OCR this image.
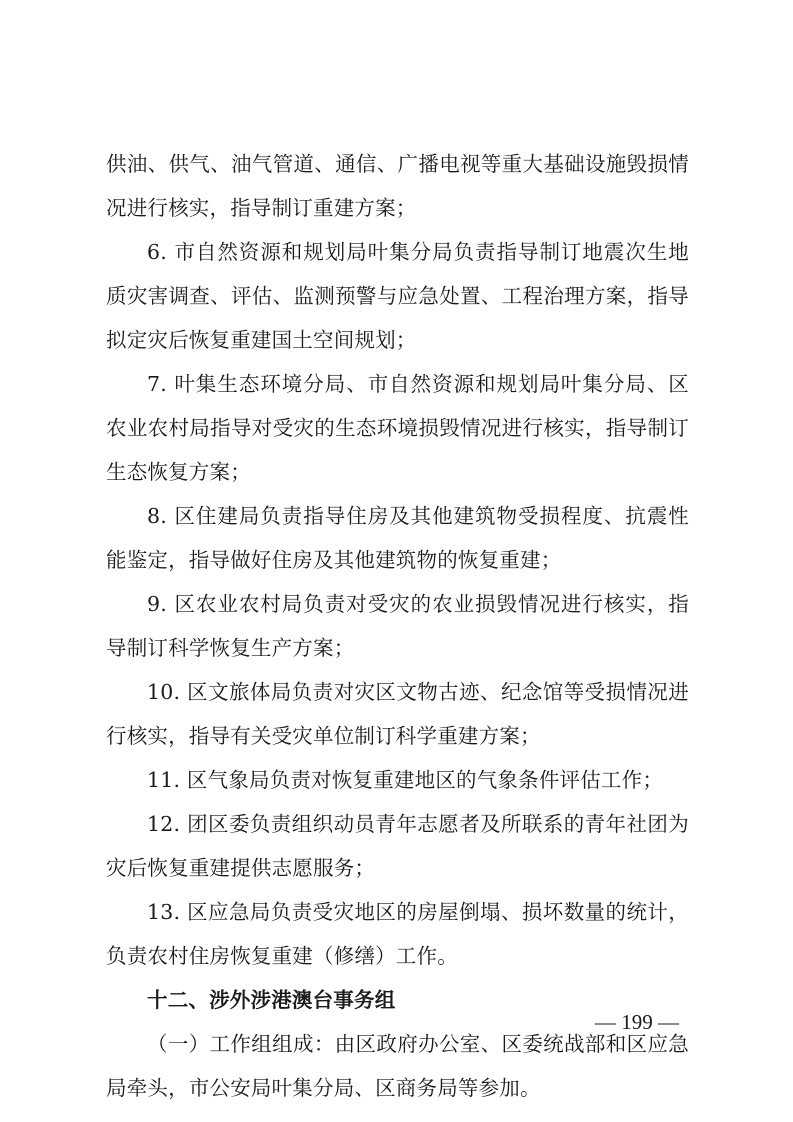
供油、供气、油气管道、通信、广播电视等重大基础设施毁损情况进行核实，指导制订重建方案；

6. 市自然资源和规划局叶集分局负责指导制订地震次生地质灾害调查、评估、监测预警与应急处置、工程治理方案，指导拟定灾后恢复重建国土空间规划；

7. 叶集生态环境分局、市自然资源和规划局叶集分局、区农业农村局指导对受灾的生态环境损毁情况进行核实，指导制订生态恢复方案；

8. 区住建局负责指导住房及其他建筑物受损程度、抗震性能鉴定，指导做好住房及其他建筑物的恢复重建；

9. 区农业农村局负责对受灾的农业损毁情况进行核实，指导制订科学恢复生产方案；

10. 区文旅体局负责对灾区文物古迹、纪念馆等受损情况进行核实，指导有关受灾单位制订科学重建方案；

11. 区气象局负责对恢复重建地区的气象条件评估工作；

12. 团区委负责组织动员青年志愿者及所联系的青年社团为灾后恢复重建提供志愿服务；

13. 区应急局负责受灾地区的房屋倒塌、损坏数量的统计，负责农村住房恢复重建（修缮）工作。

十二、涉外涉港澳台事务组

（一）工作组组成：由区政府办公室、区委统战部和区应急局牵头，市公安局叶集分局、区商务局等参加。

— 199 —
